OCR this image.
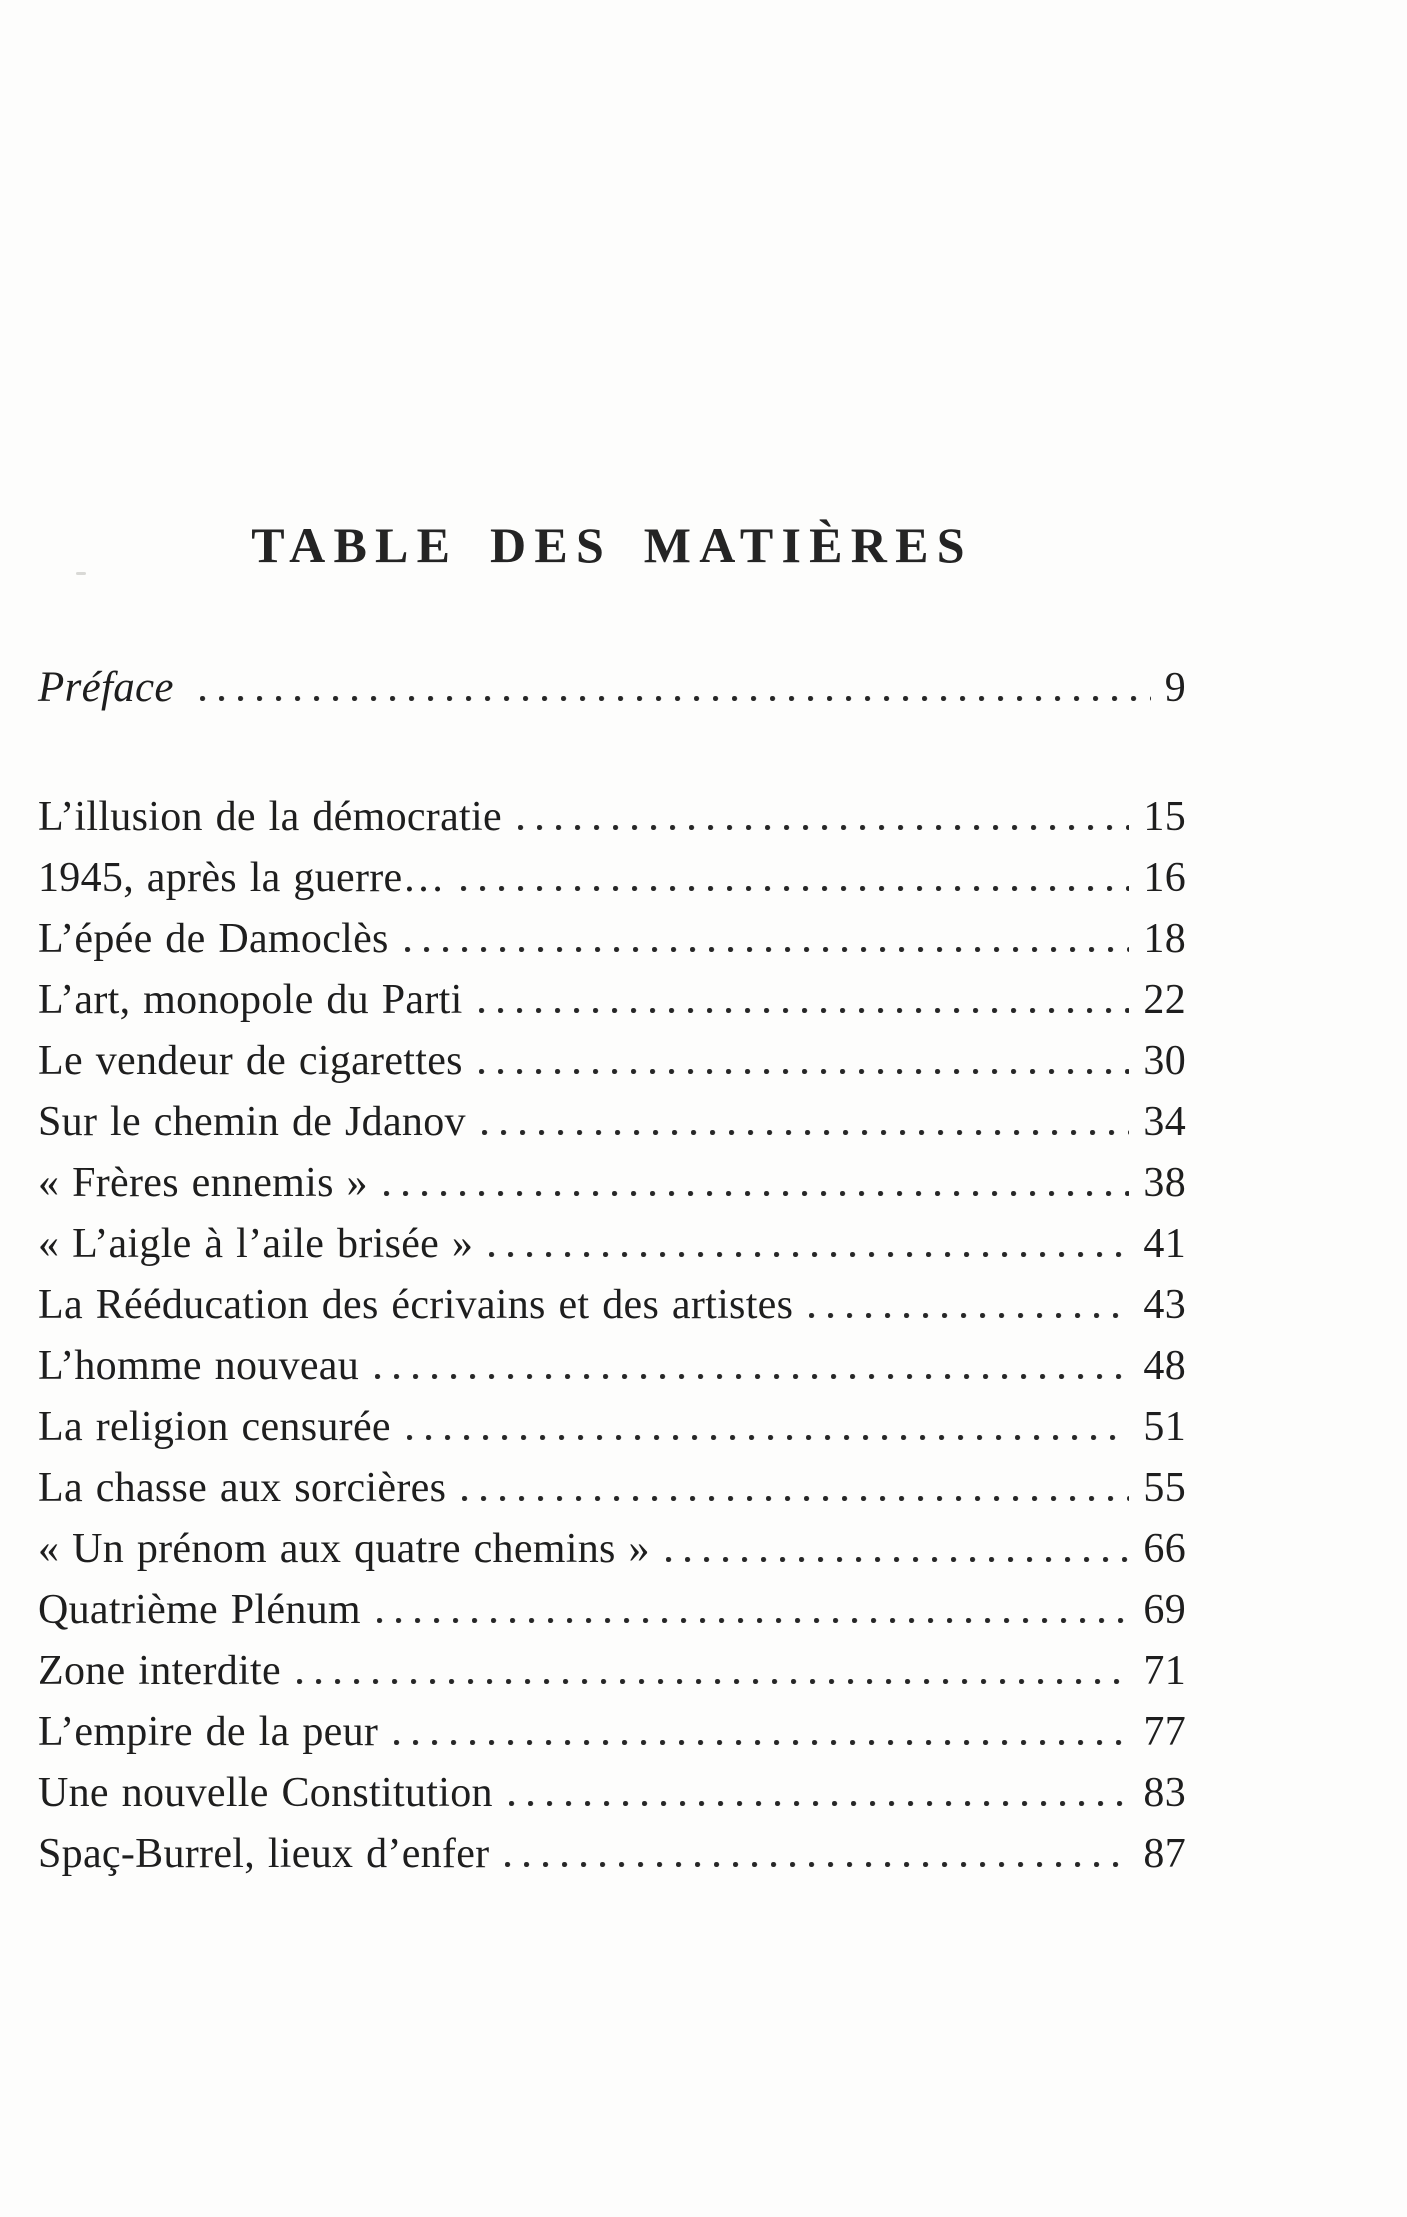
TABLE DES MATIÈRES
Préface	9
L’illusion de la démocratie	15
1945, après la guerre…	16
L’épée de Damoclès	18
L’art, monopole du Parti	22
Le vendeur de cigarettes	30
Sur le chemin de Jdanov	34
« Frères ennemis »	38
« L’aigle à l’aile brisée »	41
La Rééducation des écrivains et des artistes	43
L’homme nouveau	48
La religion censurée	51
La chasse aux sorcières	55
« Un prénom aux quatre chemins »	66
Quatrième Plénum	69
Zone interdite	71
L’empire de la peur	77
Une nouvelle Constitution	83
Spaç-Burrel, lieux d’enfer	87
